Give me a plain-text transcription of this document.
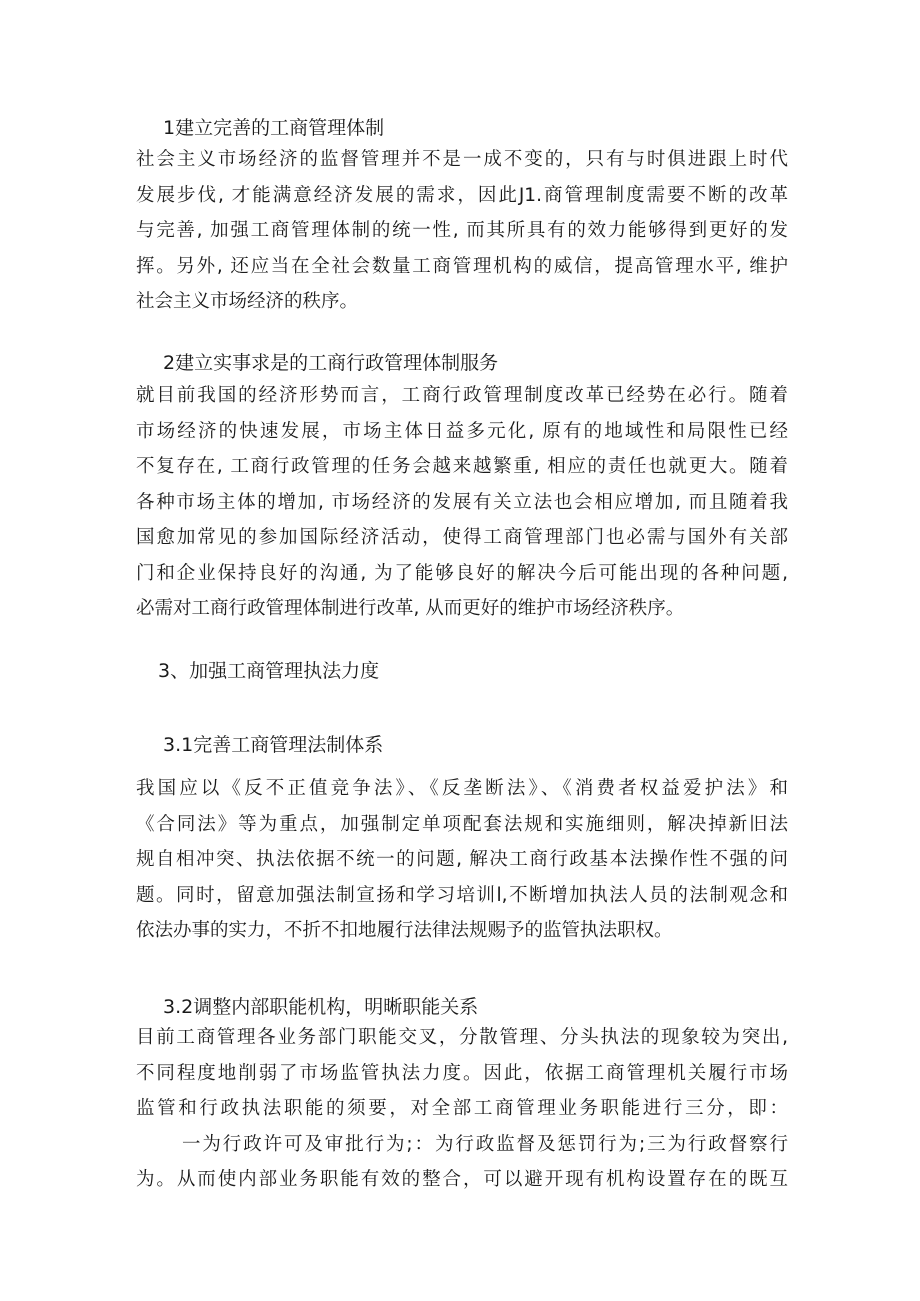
1建立完善的工商管理体制
社会主义市场经济的监督管理并不是一成不变的，只有与时俱进跟上时代
发展步伐, 才能满意经济发展的需求，因此J1.商管理制度需要不断的改革
与完善, 加强工商管理体制的统一性, 而其所具有的效力能够得到更好的发
挥。另外, 还应当在全社会数量工商管理机构的威信，提高管理水平, 维护
社会主义市场经济的秩序。
2建立实事求是的工商行政管理体制服务
就目前我国的经济形势而言，工商行政管理制度改革已经势在必行。随着
市场经济的快速发展，市场主体日益多元化, 原有的地域性和局限性已经
不复存在, 工商行政管理的任务会越来越繁重, 相应的责任也就更大。随着
各种市场主体的增加, 市场经济的发展有关立法也会相应增加, 而且随着我
国愈加常见的参加国际经济活动，使得工商管理部门也必需与国外有关部
门和企业保持良好的沟通, 为了能够良好的解决今后可能出现的各种问题,
必需对工商行政管理体制进行改革, 从而更好的维护市场经济秩序。
3、加强工商管理执法力度
3.1完善工商管理法制体系
我国应以《反不正值竞争法》、《反垄断法》、《消费者权益爱护法》和
《合同法》等为重点，加强制定单项配套法规和实施细则，解决掉新旧法
规自相冲突、执法依据不统一的问题, 解决工商行政基本法操作性不强的问
题。同时，留意加强法制宣扬和学习培训l,不断增加执法人员的法制观念和
依法办事的实力，不折不扣地履行法律法规赐予的监管执法职权。
3.2调整内部职能机构，明晰职能关系
目前工商管理各业务部门职能交叉，分散管理、分头执法的现象较为突出,
不同程度地削弱了市场监管执法力度。因此，依据工商管理机关履行市场
监管和行政执法职能的须要，对全部工商管理业务职能进行三分，即：
一为行政许可及审批行为;：为行政监督及惩罚行为;三为行政督察行
为。从而使内部业务职能有效的整合，可以避开现有机构设置存在的既互
